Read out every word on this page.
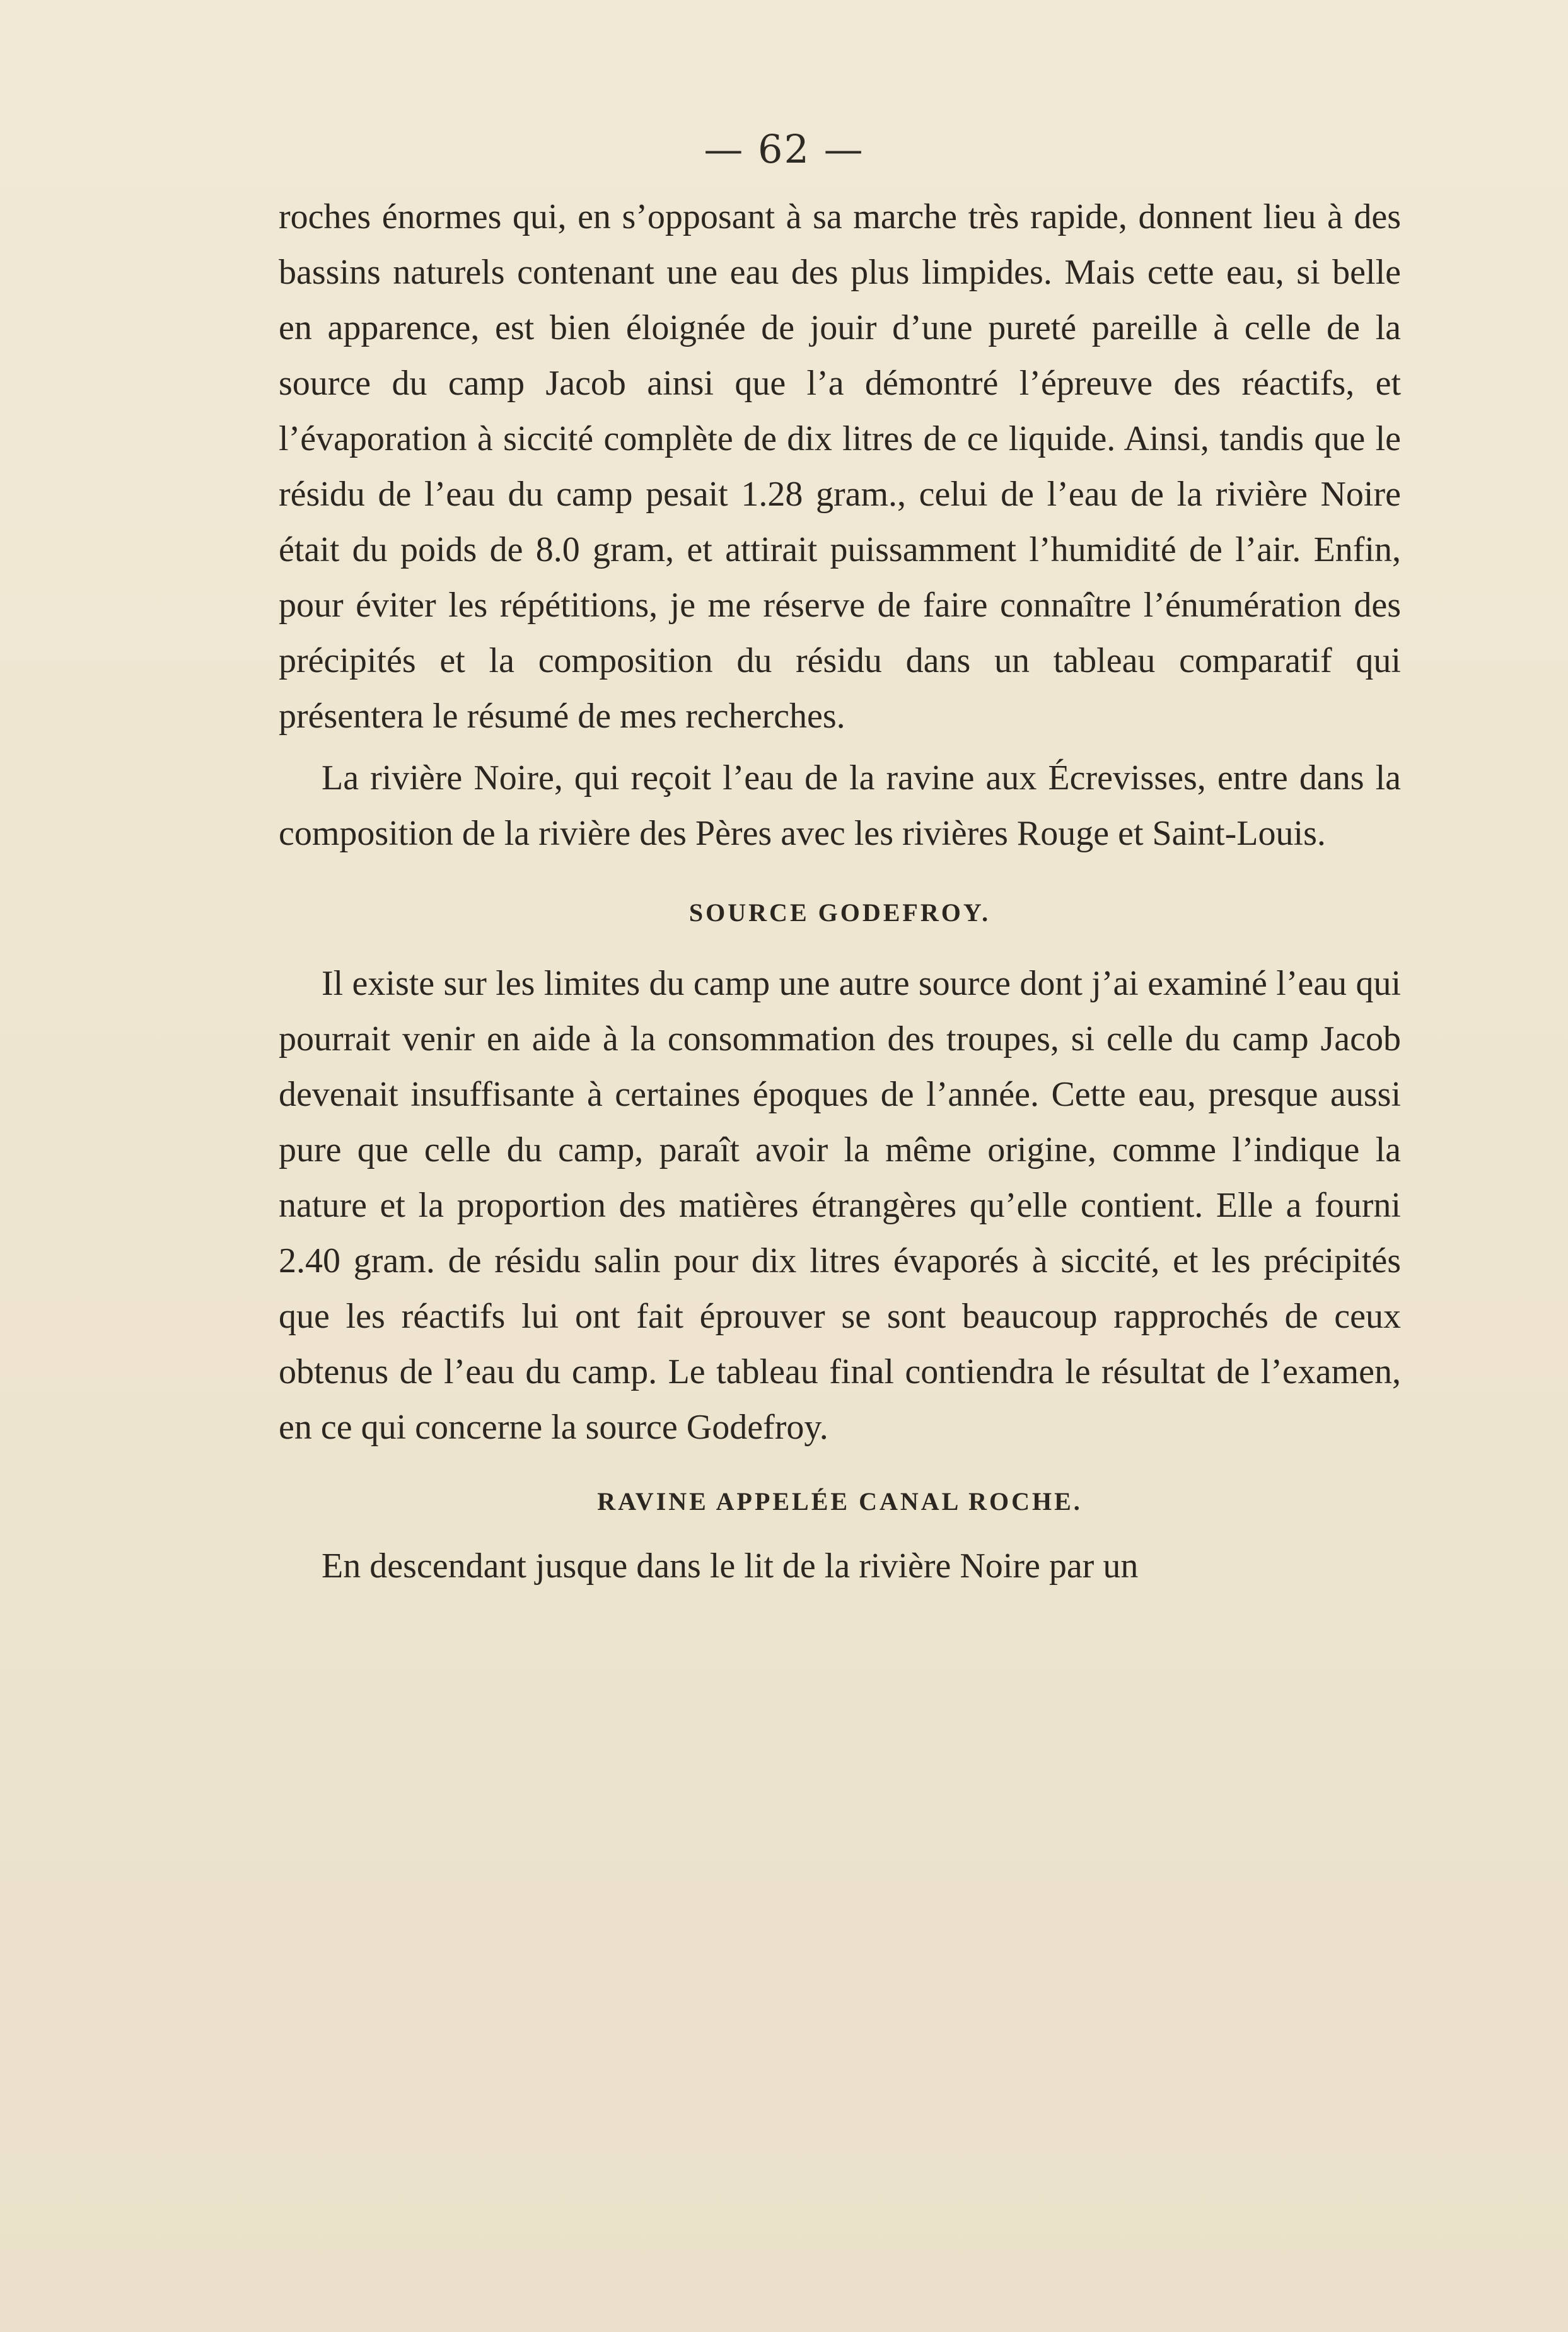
— 62 —

roches énormes qui, en s’opposant à sa marche très rapide, donnent lieu à des bassins naturels contenant une eau des plus limpides. Mais cette eau, si belle en apparence, est bien éloignée de jouir d’une pureté pareille à celle de la source du camp Jacob ainsi que l’a démontré l’épreuve des réactifs, et l’évaporation à siccité complète de dix litres de ce liquide. Ainsi, tandis que le résidu de l’eau du camp pesait 1.28 gram., celui de l’eau de la rivière Noire était du poids de 8.0 gram, et attirait puissamment l’humidité de l’air. Enfin, pour éviter les répétitions, je me réserve de faire connaître l’énumération des précipités et la composition du résidu dans un tableau comparatif qui présentera le résumé de mes recherches.

La rivière Noire, qui reçoit l’eau de la ravine aux Écrevisses, entre dans la composition de la rivière des Pères avec les rivières Rouge et Saint-Louis.

SOURCE GODEFROY.

Il existe sur les limites du camp une autre source dont j’ai examiné l’eau qui pourrait venir en aide à la consommation des troupes, si celle du camp Jacob devenait insuffisante à certaines époques de l’année. Cette eau, presque aussi pure que celle du camp, paraît avoir la même origine, comme l’indique la nature et la proportion des matières étrangères qu’elle contient. Elle a fourni 2.40 gram. de résidu salin pour dix litres évaporés à siccité, et les précipités que les réactifs lui ont fait éprouver se sont beaucoup rapprochés de ceux obtenus de l’eau du camp. Le tableau final contiendra le résultat de l’examen, en ce qui concerne la source Godefroy.

RAVINE APPELÉE CANAL ROCHE.

En descendant jusque dans le lit de la rivière Noire par un
